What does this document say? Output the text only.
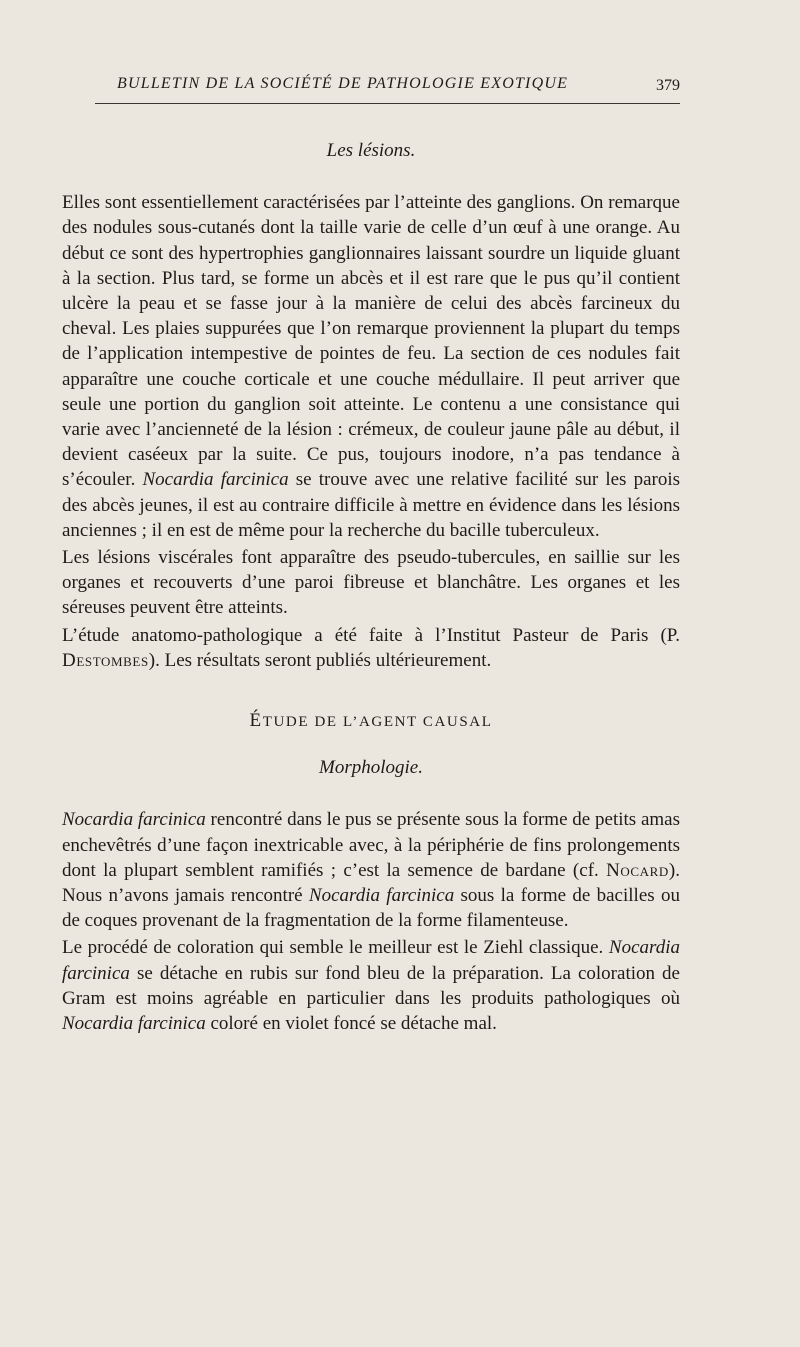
BULLETIN DE LA SOCIÉTÉ DE PATHOLOGIE EXOTIQUE	379
Les lésions.

Elles sont essentiellement caractérisées par l’atteinte des ganglions. On remarque des nodules sous-cutanés dont la taille varie de celle d’un œuf à une orange. Au début ce sont des hypertrophies ganglionnaires laissant sourdre un liquide gluant à la section. Plus tard, se forme un abcès et il est rare que le pus qu’il contient ulcère la peau et se fasse jour à la manière de celui des abcès farcineux du cheval. Les plaies suppurées que l’on remarque proviennent la plupart du temps de l’application intempestive de pointes de feu. La section de ces nodules fait apparaître une couche corticale et une couche médullaire. Il peut arriver que seule une portion du ganglion soit atteinte. Le contenu a une consistance qui varie avec l’ancienneté de la lésion : crémeux, de couleur jaune pâle au début, il devient caséeux par la suite. Ce pus, toujours inodore, n’a pas tendance à s’écouler. Nocardia farcinica se trouve avec une relative facilité sur les parois des abcès jeunes, il est au contraire difficile à mettre en évidence dans les lésions anciennes ; il en est de même pour la recherche du bacille tuberculeux.

Les lésions viscérales font apparaître des pseudo-tubercules, en saillie sur les organes et recouverts d’une paroi fibreuse et blanchâtre. Les organes et les séreuses peuvent être atteints.

L’étude anatomo-pathologique a été faite à l’Institut Pasteur de Paris (P. Destombes). Les résultats seront publiés ultérieurement.

ÉTUDE DE L’AGENT CAUSAL
Morphologie.

Nocardia farcinica rencontré dans le pus se présente sous la forme de petits amas enchevêtrés d’une façon inextricable avec, à la périphérie de fins prolongements dont la plupart semblent ramifiés ; c’est la semence de bardane (cf. Nocard). Nous n’avons jamais rencontré Nocardia farcinica sous la forme de bacilles ou de coques provenant de la fragmentation de la forme filamenteuse.

Le procédé de coloration qui semble le meilleur est le Ziehl classique. Nocardia farcinica se détache en rubis sur fond bleu de la préparation. La coloration de Gram est moins agréable en particulier dans les produits pathologiques où Nocardia farcinica coloré en violet foncé se détache mal.
